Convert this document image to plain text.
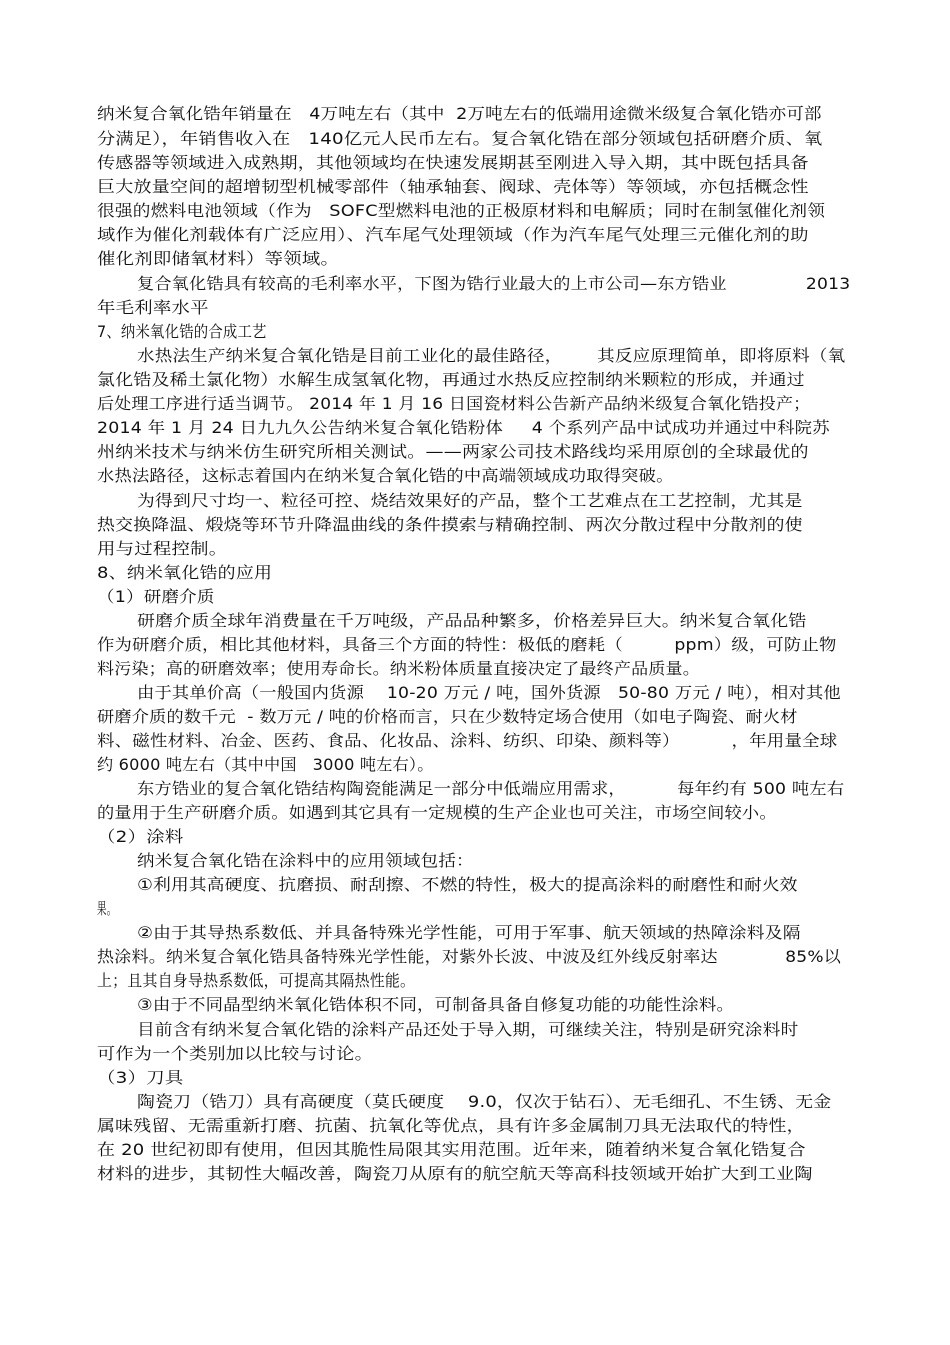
纳米复合氧化锆年销量在   4万吨左右（其中  2万吨左右的低端用途微米级复合氧化锆亦可部
分满足），年销售收入在   140亿元人民币左右。复合氧化锆在部分领域包括研磨介质、氧
传感器等领域进入成熟期，其他领域均在快速发展期甚至刚进入导入期，其中既包括具备
巨大放量空间的超增韧型机械零部件（轴承轴套、阀球、壳体等）等领域，亦包括概念性
很强的燃料电池领域（作为   SOFC型燃料电池的正极原材料和电解质；同时在制氢催化剂领
域作为催化剂载体有广泛应用）、汽车尾气处理领域（作为汽车尾气处理三元催化剂的助
催化剂即储氧材料）等领域。
复合氧化锆具有较高的毛利率水平，下图为锆行业最大的上市公司—东方锆业              2013
年毛利率水平
7、纳米氧化锆的合成工艺
水热法生产纳米复合氧化锆是目前工业化的最佳路径，      其反应原理简单，即将原料（氧
氯化锆及稀土氯化物）水解生成氢氧化物，再通过水热反应控制纳米颗粒的形成，并通过
后处理工序进行适当调节。 2014 年 1 月 16 日国瓷材料公告新产品纳米级复合氧化锆投产；
2014 年 1 月 24 日九九久公告纳米复合氧化锆粉体     4 个系列产品中试成功并通过中科院苏
州纳米技术与纳米仿生研究所相关测试。——两家公司技术路线均采用原创的全球最优的
水热法路径，这标志着国内在纳米复合氧化锆的中高端领域成功取得突破。
为得到尺寸均一、粒径可控、烧结效果好的产品，整个工艺难点在工艺控制，尤其是
热交换降温、煅烧等环节升降温曲线的条件摸索与精确控制、两次分散过程中分散剂的使
用与过程控制。
8、纳米氧化锆的应用
（1）研磨介质
研磨介质全球年消费量在千万吨级，产品品种繁多，价格差异巨大。纳米复合氧化锆
作为研磨介质，相比其他材料，具备三个方面的特性：极低的磨耗（         ppm）级，可防止物
料污染；高的研磨效率；使用寿命长。纳米粉体质量直接决定了最终产品质量。
由于其单价高（一般国内货源    10-20 万元 / 吨，国外货源   50-80 万元 / 吨），相对其他
研磨介质的数千元  - 数万元 / 吨的价格而言，只在少数特定场合使用（如电子陶瓷、耐火材
料、磁性材料、冶金、医药、食品、化妆品、涂料、纺织、印染、颜料等）         ，年用量全球
约 6000 吨左右（其中中国   3000 吨左右）。
东方锆业的复合氧化锆结构陶瓷能满足一部分中低端应用需求，         每年约有 500 吨左右
的量用于生产研磨介质。如遇到其它具有一定规模的生产企业也可关注，市场空间较小。
（2）涂料
纳米复合氧化锆在涂料中的应用领域包括：
①利用其高硬度、抗磨损、耐刮擦、不燃的特性，极大的提高涂料的耐磨性和耐火效
果。
②由于其导热系数低、并具备特殊光学性能，可用于军事、航天领域的热障涂料及隔
热涂料。纳米复合氧化锆具备特殊光学性能，对紫外长波、中波及红外线反射率达            85%以
上；且其自身导热系数低，可提高其隔热性能。
③由于不同晶型纳米氧化锆体积不同，可制备具备自修复功能的功能性涂料。
目前含有纳米复合氧化锆的涂料产品还处于导入期，可继续关注，特别是研究涂料时
可作为一个类别加以比较与讨论。
（3）刀具
陶瓷刀（锆刀）具有高硬度（莫氏硬度    9.0，仅次于钻石）、无毛细孔、不生锈、无金
属味残留、无需重新打磨、抗菌、抗氧化等优点，具有许多金属制刀具无法取代的特性，
在 20 世纪初即有使用，但因其脆性局限其实用范围。近年来，随着纳米复合氧化锆复合
材料的进步，其韧性大幅改善，陶瓷刀从原有的航空航天等高科技领域开始扩大到工业陶
